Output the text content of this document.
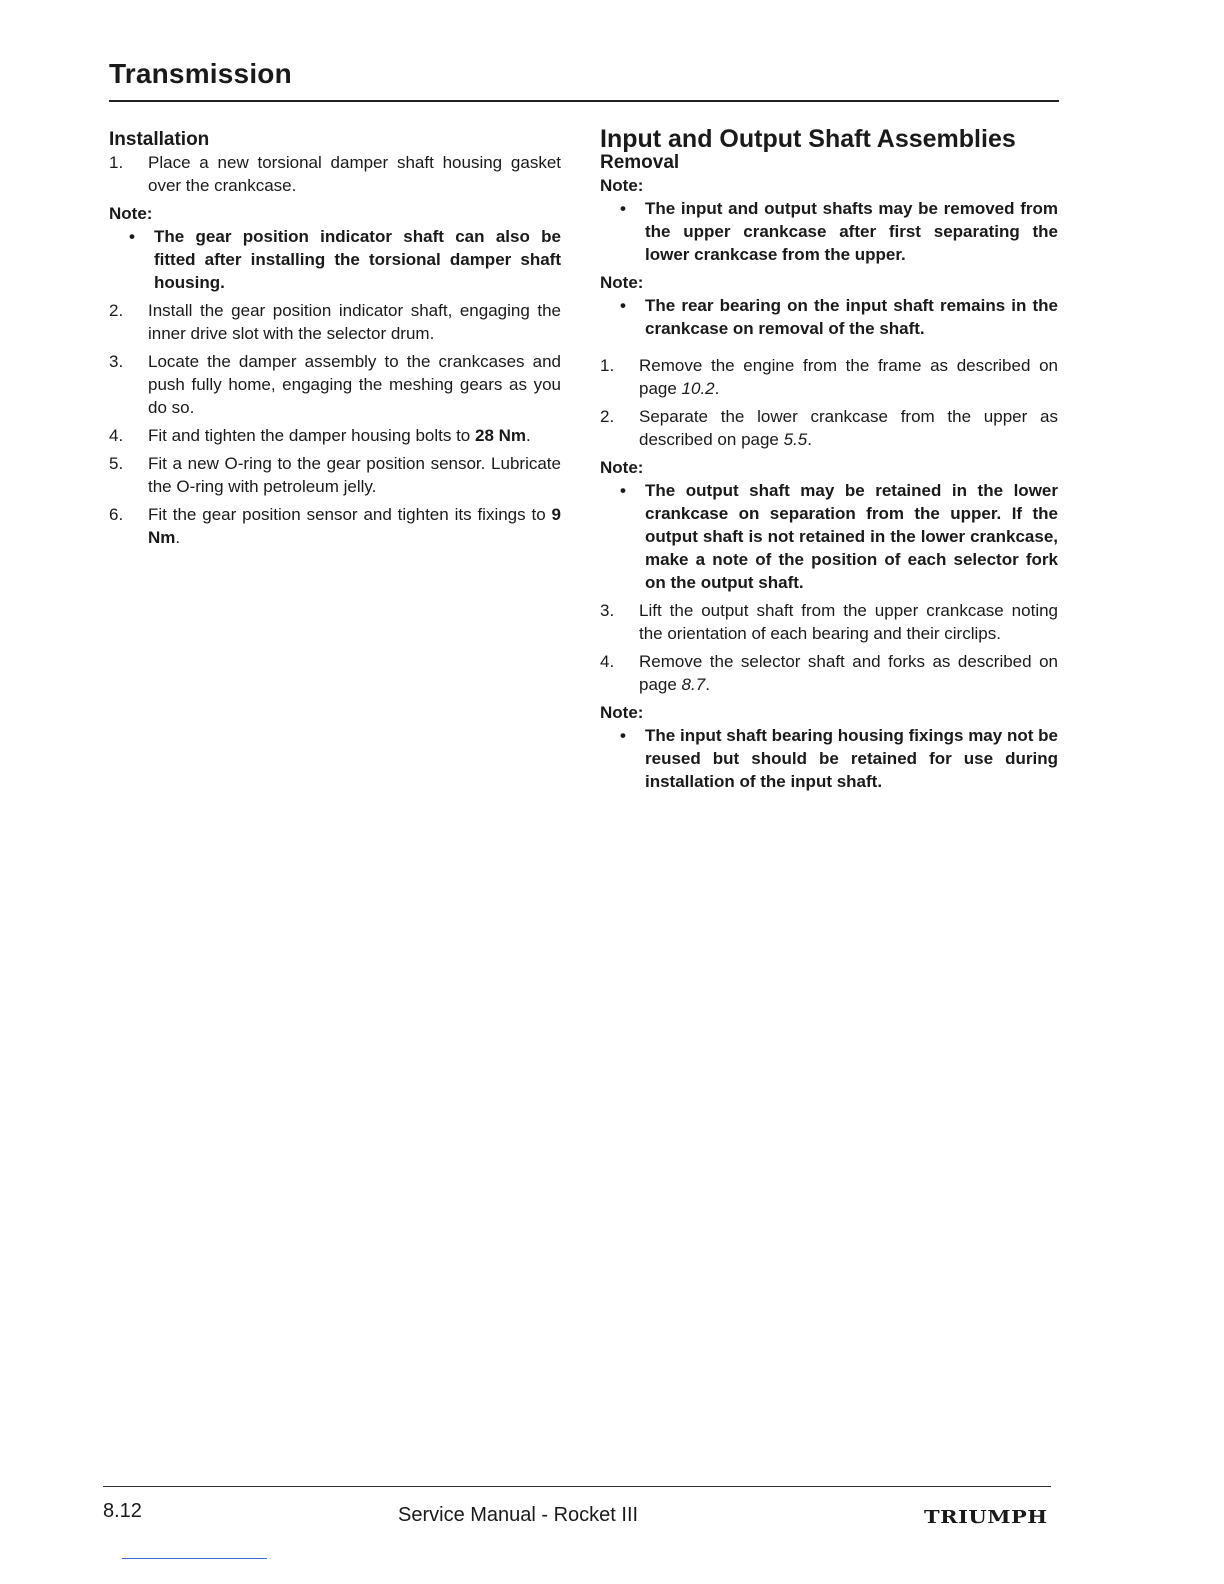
Transmission

Installation

1.	Place a new torsional damper shaft housing gasket over the crankcase.

Note:

•	The gear position indicator shaft can also be fitted after installing the torsional damper shaft housing.
2.	Install the gear position indicator shaft, engaging the inner drive slot with the selector drum.
3.	Locate the damper assembly to the crankcases and push fully home, engaging the meshing gears as you do so.
4.	Fit and tighten the damper housing bolts to 28 Nm.
5.	Fit a new O-ring to the gear position sensor. Lubricate the O-ring with petroleum jelly.
6.	Fit the gear position sensor and tighten its fixings to 9 Nm.

Input and Output Shaft Assemblies

Removal

Note:

•	The input and output shafts may be removed from the upper crankcase after first separating the lower crankcase from the upper.

Note:

•	The rear bearing on the input shaft remains in the crankcase on removal of the shaft.
1.	Remove the engine from the frame as described on page 10.2.
2.	Separate the lower crankcase from the upper as described on page 5.5.

Note:

•	The output shaft may be retained in the lower crankcase on separation from the upper. If the output shaft is not retained in the lower crankcase, make a note of the position of each selector fork on the output shaft.
3.	Lift the output shaft from the upper crankcase noting the orientation of each bearing and their circlips.
4.	Remove the selector shaft and forks as described on page 8.7.

Note:

•	The input shaft bearing housing fixings may not be reused but should be retained for use during installation of the input shaft.
8.12	Service Manual - Rocket III	TRIUMPH
